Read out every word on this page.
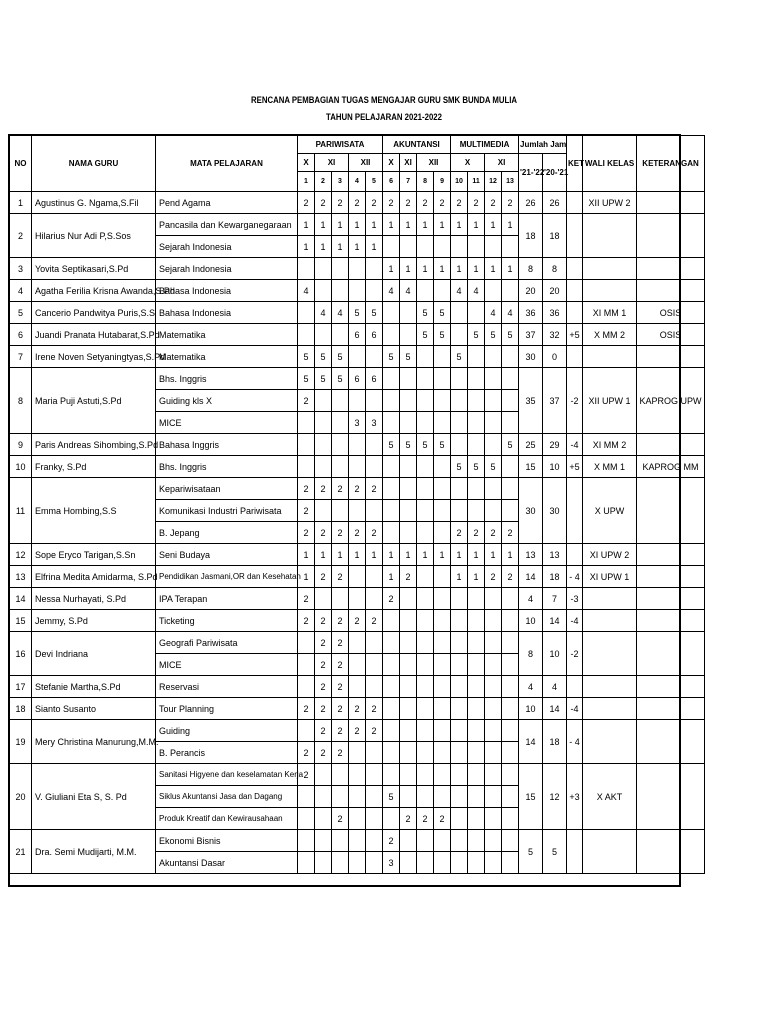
RENCANA PEMBAGIAN TUGAS MENGAJAR GURU SMK BUNDA MULIA
TAHUN PELAJARAN 2021-2022
NO	NAMA GURU	MATA PELAJARAN	PARIWISATA					AKUNTANSI				MULTIMEDIA				Jumlah Jam		KET	WALI KELAS	KETERANGAN
			X	XI		XII		X	XI	XII		X		XI		'21-'22	'20-'21			
			1	2	3	4	5	6	7	8	9	10	11	12	13					
1	Agustinus G. Ngama,S.Fil	Pend Agama	2	2	2	2	2	2	2	2	2	2	2	2	2	26	26		XII UPW 2	
2	Hilarius Nur Adi P,S.Sos	Pancasila dan Kewarganegaraan	1	1	1	1	1	1	1	1	1	1	1	1	1	18	18			
		Sejarah Indonesia	1	1	1	1	1													
3	Yovita Septikasari,S.Pd	Sejarah Indonesia						1	1	1	1	1	1	1	1	8	8			
4	Agatha Ferilia Krisna Awanda,S.Pd	Bahasa Indonesia	4					4	4			4	4			20	20			
5	Cancerio Pandwitya Puris,S.S	Bahasa Indonesia		4	4	5	5			5	5			4	4	36	36		XI MM 1	OSIS
6	Juandi Pranata Hutabarat,S.Pd	Matematika				6	6			5	5		5	5	5	37	32	+5	X MM 2	OSIS
7	Irene Noven Setyaningtyas,S.Pd	Matematika	5	5	5			5	5			5				30	0			
8	Maria Puji Astuti,S.Pd	Bhs. Inggris	5	5	5	6	6									35	37	-2	XII UPW 1	KAPROG UPW
		Guiding kls X	2																	
		MICE				3	3													
9	Paris Andreas Sihombing,S.Pd	Bahasa Inggris						5	5	5	5				5	25	29	-4	XI MM 2	
10	Franky, S.Pd	Bhs. Inggris										5	5	5		15	10	+5	X MM 1	KAPROG MM
11	Emma Hombing,S.S	Kepariwisataan	2	2	2	2	2									30	30		X UPW	
		Komunikasi Industri Pariwisata	2																	
		B. Jepang	2	2	2	2	2					2	2	2	2					
12	Sope Eryco Tarigan,S.Sn	Seni Budaya	1	1	1	1	1	1	1	1	1	1	1	1	1	13	13		XI UPW 2	
13	Elfrina Medita Amidarma, S.Pd	Pendidikan Jasmani,OR dan Kesehatan	1	2	2			1	2			1	1	2	2	14	18	- 4	XI UPW 1	
14	Nessa Nurhayati, S.Pd	IPA Terapan	2					2								4	7	-3		
15	Jemmy, S.Pd	Ticketing	2	2	2	2	2									10	14	-4		
16	Devi Indriana	Geografi Pariwisata		2	2											8	10	-2		
		MICE		2	2															
17	Stefanie Martha,S.Pd	Reservasi		2	2											4	4			
18	Sianto Susanto	Tour Planning	2	2	2	2	2									10	14	-4		
19	Mery Christina Manurung,M.M.	Guiding		2	2	2	2									14	18	- 4		
		B. Perancis	2	2	2															
20	V. Giuliani Eta S, S. Pd	Sanitasi Higyene dan keselamatan Kerja	2													15	12	+3	X AKT	
		Siklus Akuntansi Jasa dan Dagang						5												
		Produk Kreatif dan Kewirausahaan			2				2	2	2									
21	Dra. Semi Mudijarti, M.M.	Ekonomi Bisnis						2								5	5			
		Akuntansi Dasar						3												
